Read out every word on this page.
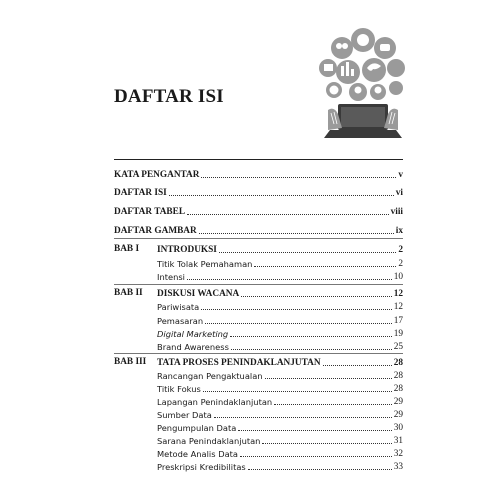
DAFTAR ISI
KATA PENGANTAR	v
DAFTAR ISI	vi
DAFTAR TABEL	viii
DAFTAR GAMBAR	ix
BAB I INTRODUKSI	2
Titik Tolak Pemahaman	2
Intensi	10
BAB II DISKUSI WACANA	12
Pariwisata	12
Pemasaran	17
Digital Marketing	19
Brand Awareness	25
BAB III TATA PROSES PENINDAKLANJUTAN	28
Rancangan Pengaktualan	28
Titik Fokus	28
Lapangan Penindaklanjutan	29
Sumber Data	29
Pengumpulan Data	30
Sarana Penindaklanjutan	31
Metode Analis Data	32
Preskripsi Kredibilitas	33
